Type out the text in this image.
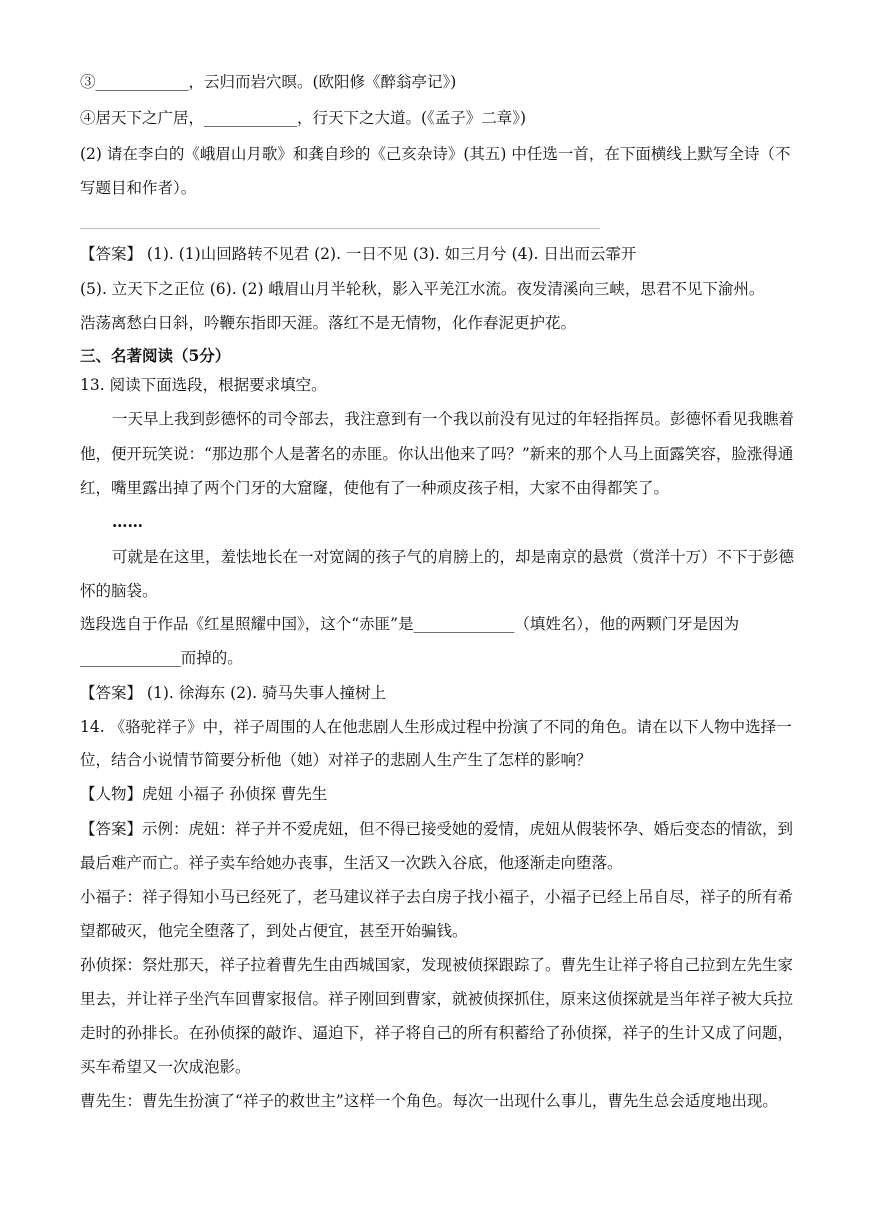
③____________，云归而岩穴暝。(欧阳修《醉翁亭记》)
④居天下之广居，____________，行天下之大道。(《孟子》二章》)
(2) 请在李白的《峨眉山月歌》和龚自珍的《己亥杂诗》(其五) 中任选一首，在下面横线上默写全诗（不
写题目和作者）。
【答案】 (1). (1)山回路转不见君 (2). 一日不见 (3). 如三月兮 (4). 日出而云霏开
(5). 立天下之正位 (6). (2) 峨眉山月半轮秋，影入平羌江水流。夜发清溪向三峡，思君不见下渝州。
浩荡离愁白日斜，吟鞭东指即天涯。落红不是无情物，化作春泥更护花。
三、名著阅读（5分）
13. 阅读下面选段，根据要求填空。
一天早上我到彭德怀的司令部去，我注意到有一个我以前没有见过的年轻指挥员。彭德怀看见我瞧着
他，便开玩笑说：“那边那个人是著名的赤匪。你认出他来了吗？”新来的那个人马上面露笑容，脸涨得通
红，嘴里露出掉了两个门牙的大窟窿，使他有了一种顽皮孩子相，大家不由得都笑了。
……
可就是在这里，羞怯地长在一对宽阔的孩子气的肩膀上的，却是南京的悬赏（赏洋十万）不下于彭德
怀的脑袋。
选段选自于作品《红星照耀中国》，这个“赤匪”是_____________（填姓名），他的两颗门牙是因为
_____________而掉的。
【答案】 (1). 徐海东 (2). 骑马失事人撞树上
14. 《骆驼祥子》中，祥子周围的人在他悲剧人生形成过程中扮演了不同的角色。请在以下人物中选择一
位，结合小说情节简要分析他（她）对祥子的悲剧人生产生了怎样的影响？
【人物】虎妞 小福子 孙侦探 曹先生
【答案】示例：虎妞：祥子并不爱虎妞，但不得已接受她的爱情，虎妞从假装怀孕、婚后变态的情欲，到
最后难产而亡。祥子卖车给她办丧事，生活又一次跌入谷底，他逐渐走向堕落。
小福子：祥子得知小马已经死了，老马建议祥子去白房子找小福子，小福子已经上吊自尽，祥子的所有希
望都破灭，他完全堕落了，到处占便宜，甚至开始骗钱。
孙侦探：祭灶那天，祥子拉着曹先生由西城国家，发现被侦探跟踪了。曹先生让祥子将自己拉到左先生家
里去，并让祥子坐汽车回曹家报信。祥子刚回到曹家，就被侦探抓住，原来这侦探就是当年祥子被大兵拉
走时的孙排长。在孙侦探的敲诈、逼迫下，祥子将自己的所有积蓄给了孙侦探，祥子的生计又成了问题，
买车希望又一次成泡影。
曹先生：曹先生扮演了“祥子的救世主”这样一个角色。每次一出现什么事儿，曹先生总会适度地出现。
